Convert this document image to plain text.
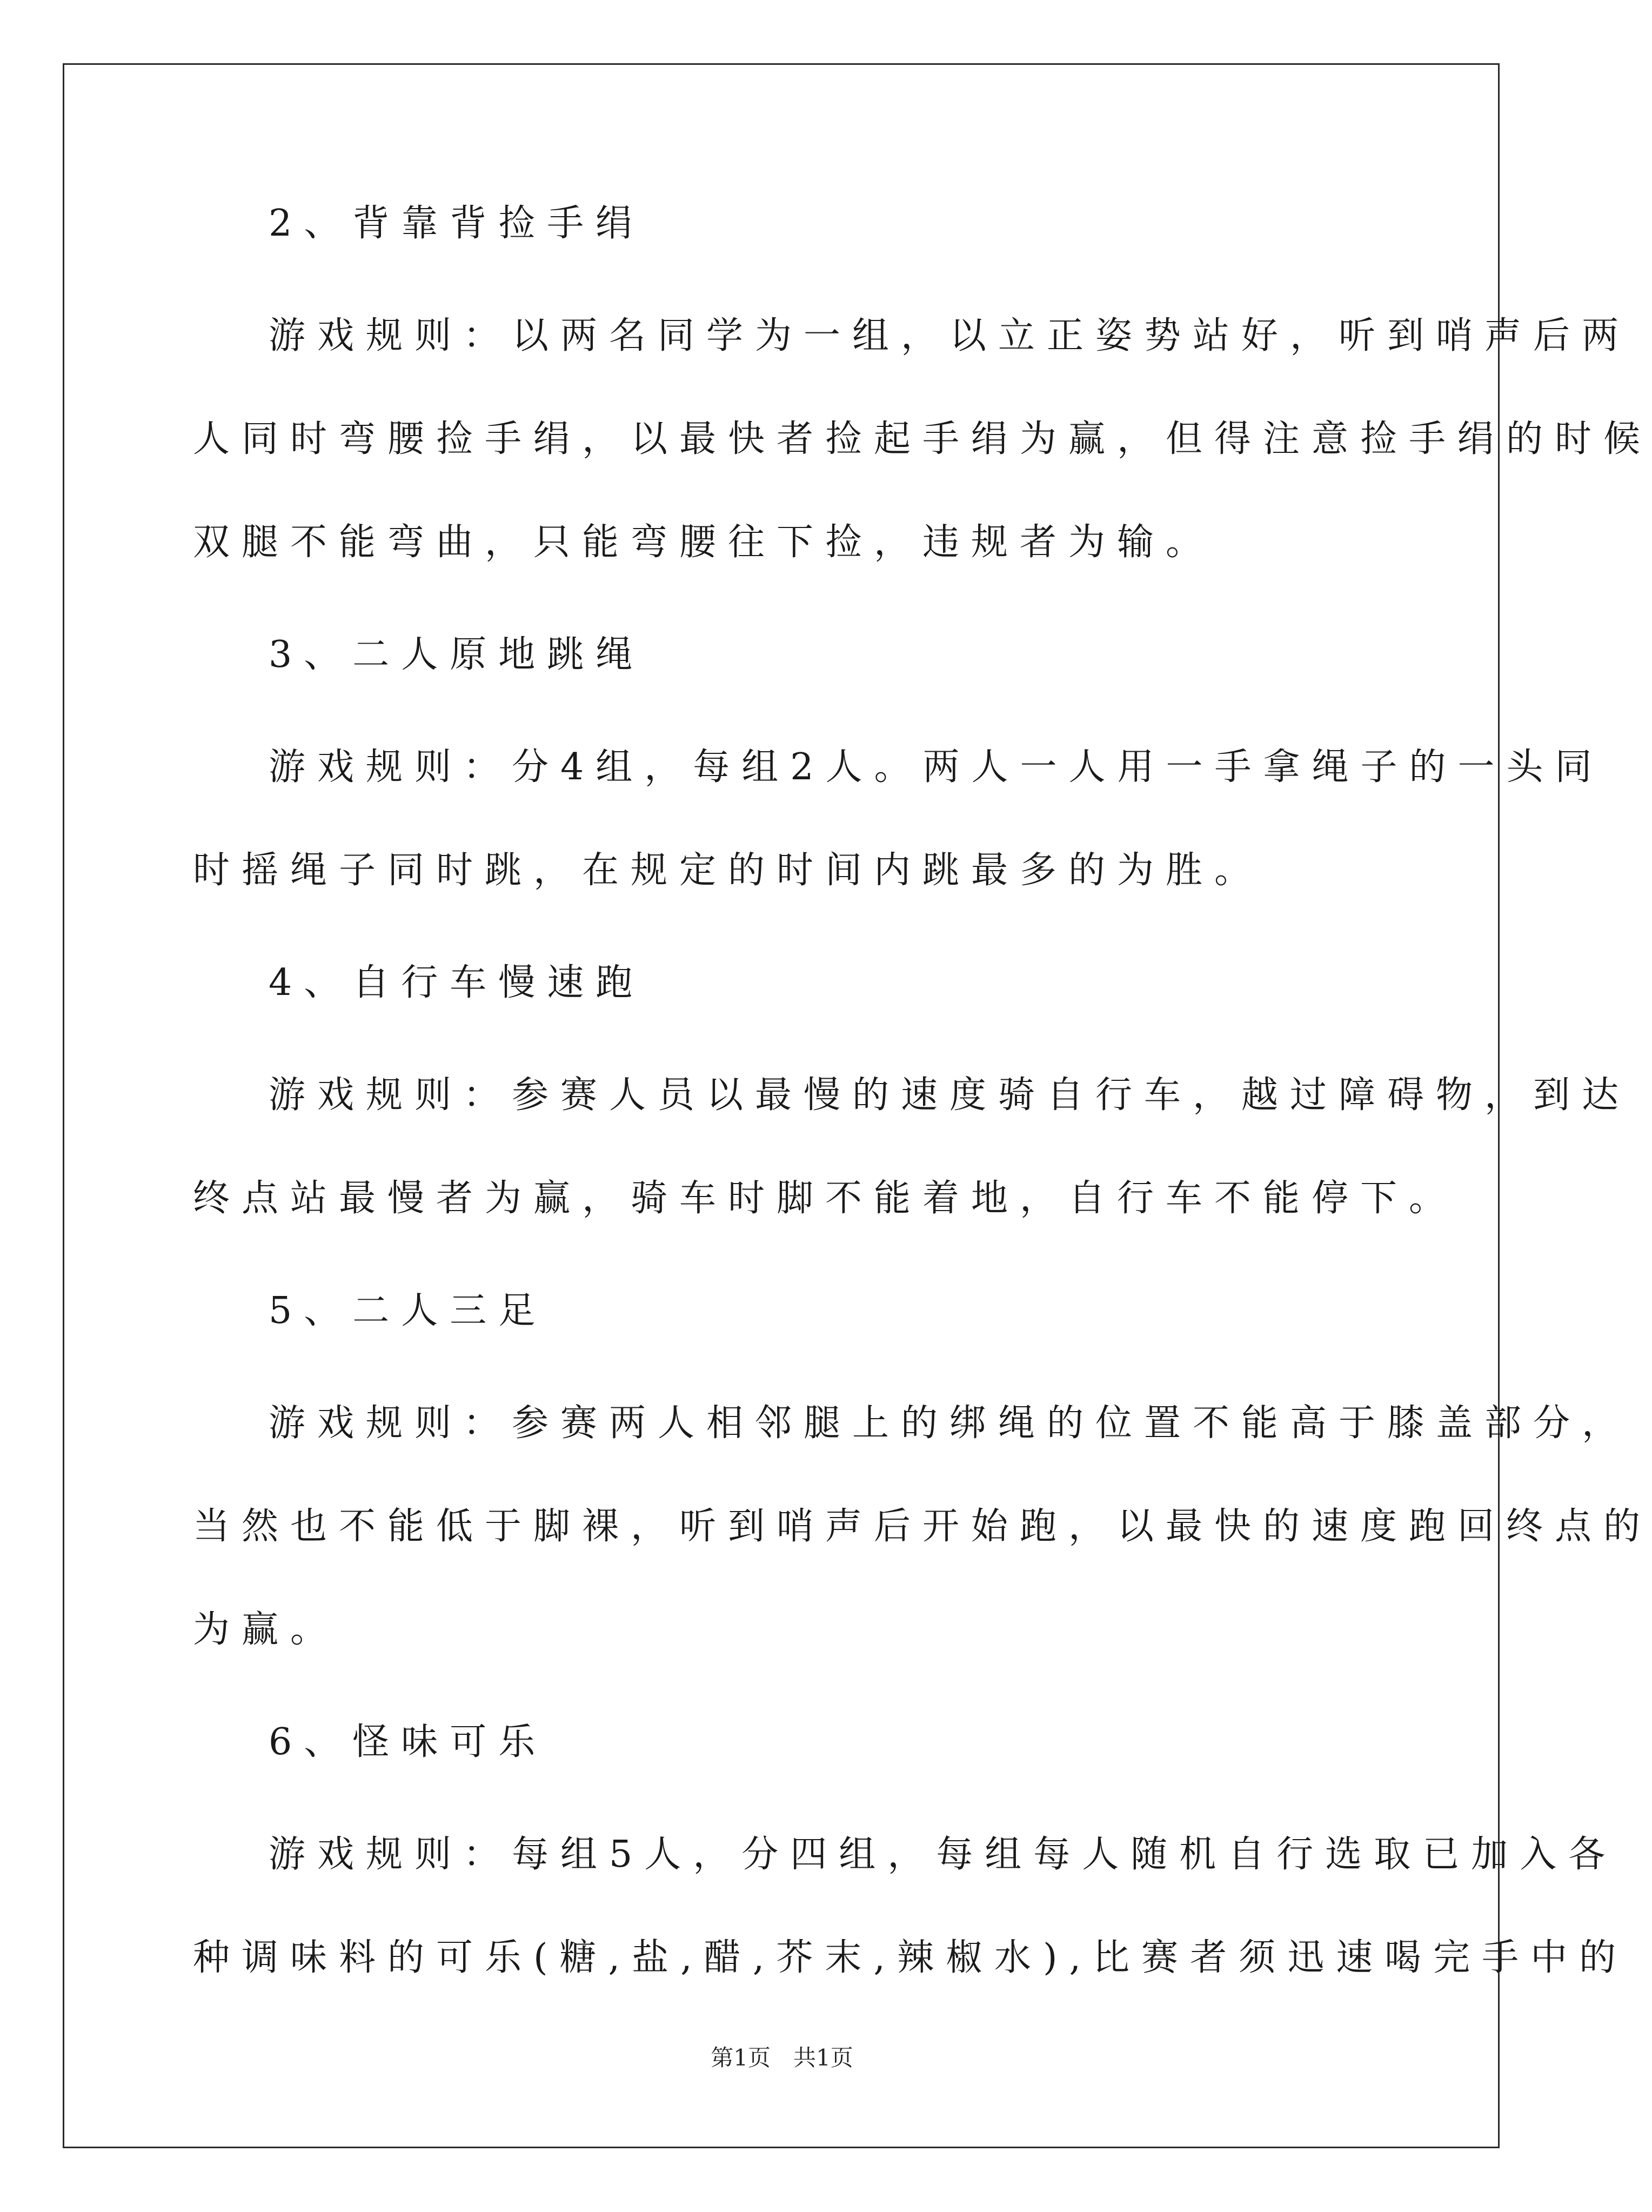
2、背靠背捡手绢

游戏规则：以两名同学为一组，以立正姿势站好，听到哨声后两

人同时弯腰捡手绢，以最快者捡起手绢为赢，但得注意捡手绢的时候

双腿不能弯曲，只能弯腰往下捡，违规者为输。

3、二人原地跳绳

游戏规则：分4组，每组2人。两人一人用一手拿绳子的一头同

时摇绳子同时跳，在规定的时间内跳最多的为胜。

4、自行车慢速跑

游戏规则：参赛人员以最慢的速度骑自行车，越过障碍物，到达

终点站最慢者为赢，骑车时脚不能着地，自行车不能停下。

5、二人三足

游戏规则：参赛两人相邻腿上的绑绳的位置不能高于膝盖部分，

当然也不能低于脚裸，听到哨声后开始跑，以最快的速度跑回终点的

为赢。

6、怪味可乐

游戏规则：每组5人，分四组，每组每人随机自行选取已加入各

种调味料的可乐(糖,盐,醋,芥末,辣椒水),比赛者须迅速喝完手中的

第1页　共1页
